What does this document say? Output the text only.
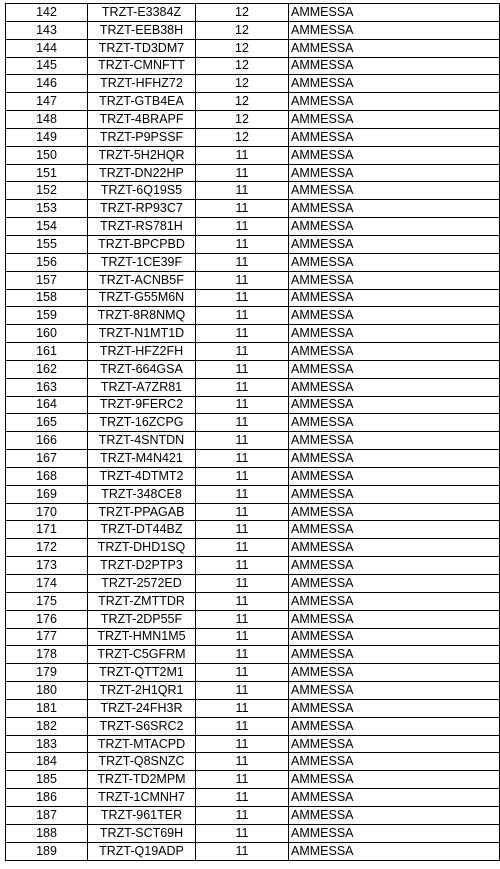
142	TRZT-E3384Z	12	AMMESSA
143	TRZT-EEB38H	12	AMMESSA
144	TRZT-TD3DM7	12	AMMESSA
145	TRZT-CMNFTT	12	AMMESSA
146	TRZT-HFHZ72	12	AMMESSA
147	TRZT-GTB4EA	12	AMMESSA
148	TRZT-4BRAPF	12	AMMESSA
149	TRZT-P9PSSF	12	AMMESSA
150	TRZT-5H2HQR	11	AMMESSA
151	TRZT-DN22HP	11	AMMESSA
152	TRZT-6Q19S5	11	AMMESSA
153	TRZT-RP93C7	11	AMMESSA
154	TRZT-RS781H	11	AMMESSA
155	TRZT-BPCPBD	11	AMMESSA
156	TRZT-1CE39F	11	AMMESSA
157	TRZT-ACNB5F	11	AMMESSA
158	TRZT-G55M6N	11	AMMESSA
159	TRZT-8R8NMQ	11	AMMESSA
160	TRZT-N1MT1D	11	AMMESSA
161	TRZT-HFZ2FH	11	AMMESSA
162	TRZT-664GSA	11	AMMESSA
163	TRZT-A7ZR81	11	AMMESSA
164	TRZT-9FERC2	11	AMMESSA
165	TRZT-16ZCPG	11	AMMESSA
166	TRZT-4SNTDN	11	AMMESSA
167	TRZT-M4N421	11	AMMESSA
168	TRZT-4DTMT2	11	AMMESSA
169	TRZT-348CE8	11	AMMESSA
170	TRZT-PPAGAB	11	AMMESSA
171	TRZT-DT44BZ	11	AMMESSA
172	TRZT-DHD1SQ	11	AMMESSA
173	TRZT-D2PTP3	11	AMMESSA
174	TRZT-2572ED	11	AMMESSA
175	TRZT-ZMTTDR	11	AMMESSA
176	TRZT-2DP55F	11	AMMESSA
177	TRZT-HMN1M5	11	AMMESSA
178	TRZT-C5GFRM	11	AMMESSA
179	TRZT-QTT2M1	11	AMMESSA
180	TRZT-2H1QR1	11	AMMESSA
181	TRZT-24FH3R	11	AMMESSA
182	TRZT-S6SRC2	11	AMMESSA
183	TRZT-MTACPD	11	AMMESSA
184	TRZT-Q8SNZC	11	AMMESSA
185	TRZT-TD2MPM	11	AMMESSA
186	TRZT-1CMNH7	11	AMMESSA
187	TRZT-961TER	11	AMMESSA
188	TRZT-SCT69H	11	AMMESSA
189	TRZT-Q19ADP	11	AMMESSA
